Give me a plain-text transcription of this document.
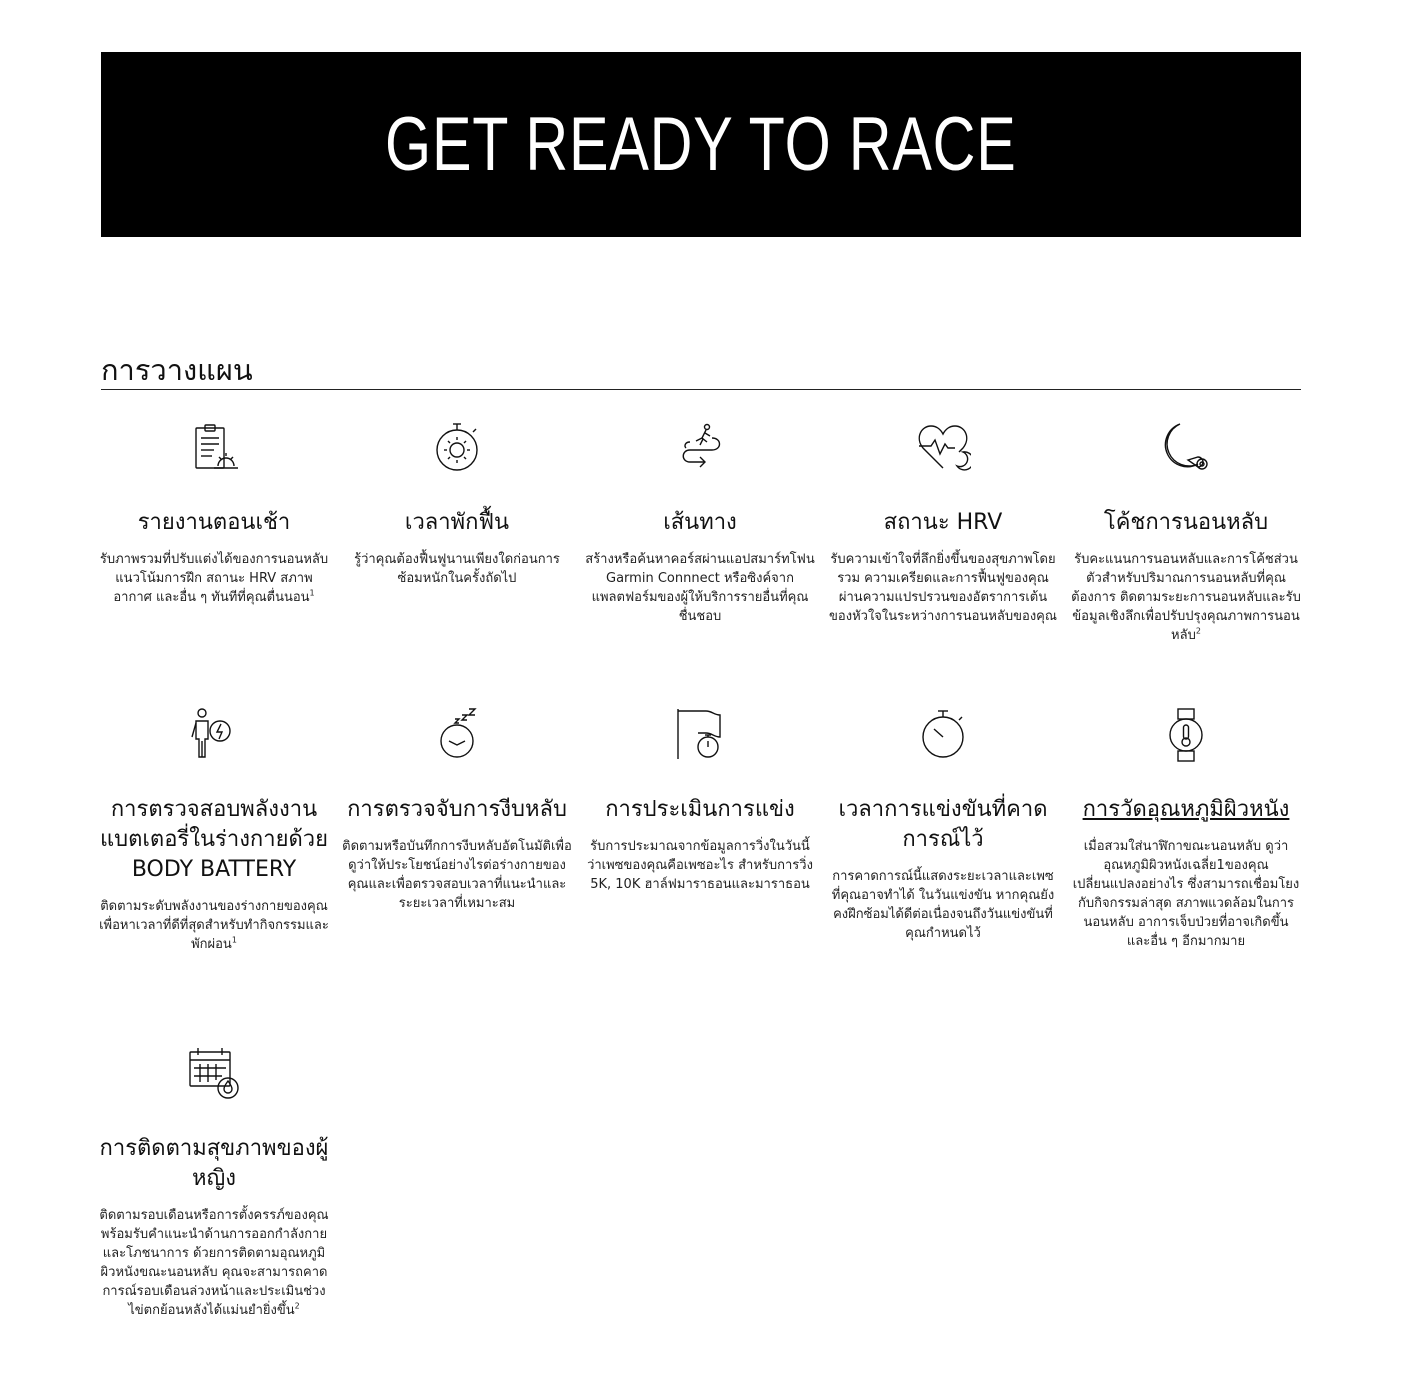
GET READY TO RACE
การวางแผน
รายงานตอนเช้า
รับภาพรวมที่ปรับแต่งได้ของการนอนหลับ แนวโน้มการฝึก สถานะ HRV สภาพอากาศ และอื่น ๆ ทันทีที่คุณตื่นนอน$^1$
เวลาพักฟื้น
รู้ว่าคุณต้องฟื้นฟูนานเพียงใดก่อนการซ้อมหนักในครั้งถัดไป
เส้นทาง
สร้างหรือค้นหาคอร์สผ่านแอปสมาร์ทโฟน Garmin Connnect หรือซิงค์จากแพลตฟอร์มของผู้ให้บริการรายอื่นที่คุณชื่นชอบ
สถานะ HRV
รับความเข้าใจที่ลึกยิ่งขึ้นของสุขภาพโดยรวม ความเครียดและการฟื้นฟูของคุณผ่านความแปรปรวนของอัตราการเต้นของหัวใจในระหว่างการนอนหลับของคุณ
โค้ชการนอนหลับ
รับคะแนนการนอนหลับและการโค้ชส่วนตัวสำหรับปริมาณการนอนหลับที่คุณต้องการ ติดตามระยะการนอนหลับและรับข้อมูลเชิงลึกเพื่อปรับปรุงคุณภาพการนอนหลับ$^2$
การตรวจสอบพลังงานแบตเตอรี่ในร่างกายด้วย BODY BATTERY
ติดตามระดับพลังงานของร่างกายของคุณเพื่อหาเวลาที่ดีที่สุดสำหรับทำกิจกรรมและพักผ่อน$^1$
การตรวจจับการงีบหลับ
ติดตามหรือบันทึกการงีบหลับอัตโนมัติเพื่อดูว่าให้ประโยชน์อย่างไรต่อร่างกายของคุณและเพื่อตรวจสอบเวลาที่แนะนำและระยะเวลาที่เหมาะสม
การประเมินการแข่ง
รับการประมาณจากข้อมูลการวิ่งในวันนี้ว่าเพซของคุณคือเพซอะไร สำหรับการวิ่ง 5K, 10K ฮาล์ฟมาราธอนและมาราธอน
เวลาการแข่งขันที่คาดการณ์ไว้
การคาดการณ์นี้แสดงระยะเวลาและเพซที่คุณอาจทำได้ ในวันแข่งขัน หากคุณยังคงฝึกซ้อมได้ดีต่อเนื่องจนถึงวันแข่งขันที่คุณกำหนดไว้
การวัดอุณหภูมิผิวหนัง
เมื่อสวมใส่นาฬิกาขณะนอนหลับ ดูว่าอุณหภูมิผิวหนังเฉลี่ย1ของคุณเปลี่ยนแปลงอย่างไร ซึ่งสามารถเชื่อมโยงกับกิจกรรมล่าสุด สภาพแวดล้อมในการนอนหลับ อาการเจ็บป่วยที่อาจเกิดขึ้น และอื่น ๆ อีกมากมาย
การติดตามสุขภาพของผู้หญิง
ติดตามรอบเดือนหรือการตั้งครรภ์ของคุณ พร้อมรับคำแนะนำด้านการออกกำลังกายและโภชนาการ ด้วยการติดตามอุณหภูมิผิวหนังขณะนอนหลับ คุณจะสามารถคาดการณ์รอบเดือนล่วงหน้าและประเมินช่วงไข่ตกย้อนหลังได้แม่นยำยิ่งขึ้น$^2$
